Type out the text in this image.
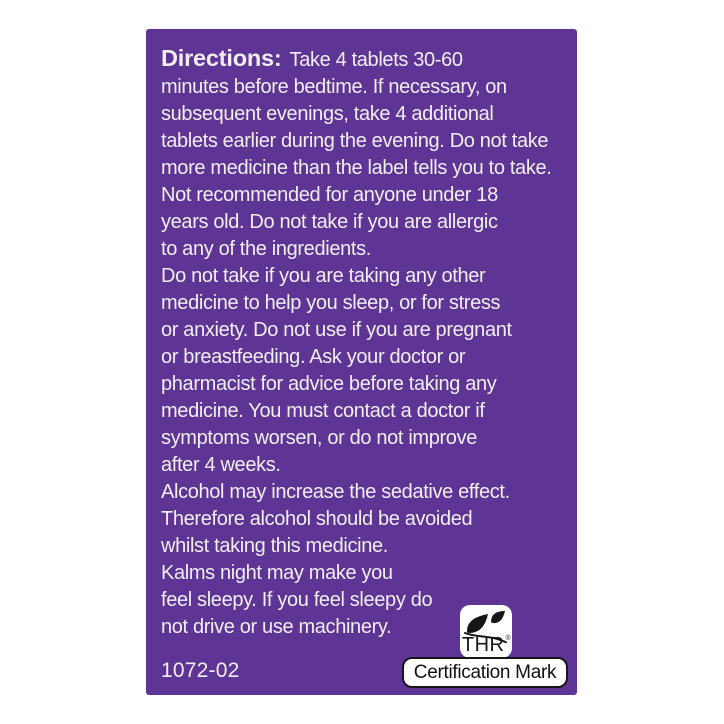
Directions: Take 4 tablets 30-60
minutes before bedtime. If necessary, on
subsequent evenings, take 4 additional
tablets earlier during the evening. Do not take
more medicine than the label tells you to take.
Not recommended for anyone under 18
years old. Do not take if you are allergic
to any of the ingredients.
Do not take if you are taking any other
medicine to help you sleep, or for stress
or anxiety. Do not use if you are pregnant
or breastfeeding. Ask your doctor or
pharmacist for advice before taking any
medicine. You must contact a doctor if
symptoms worsen, or do not improve
after 4 weeks.
Alcohol may increase the sedative effect.
Therefore alcohol should be avoided
whilst taking this medicine.
Kalms night may make you
feel sleepy. If you feel sleepy do
not drive or use machinery.
1072-02
THR®
Certification Mark
